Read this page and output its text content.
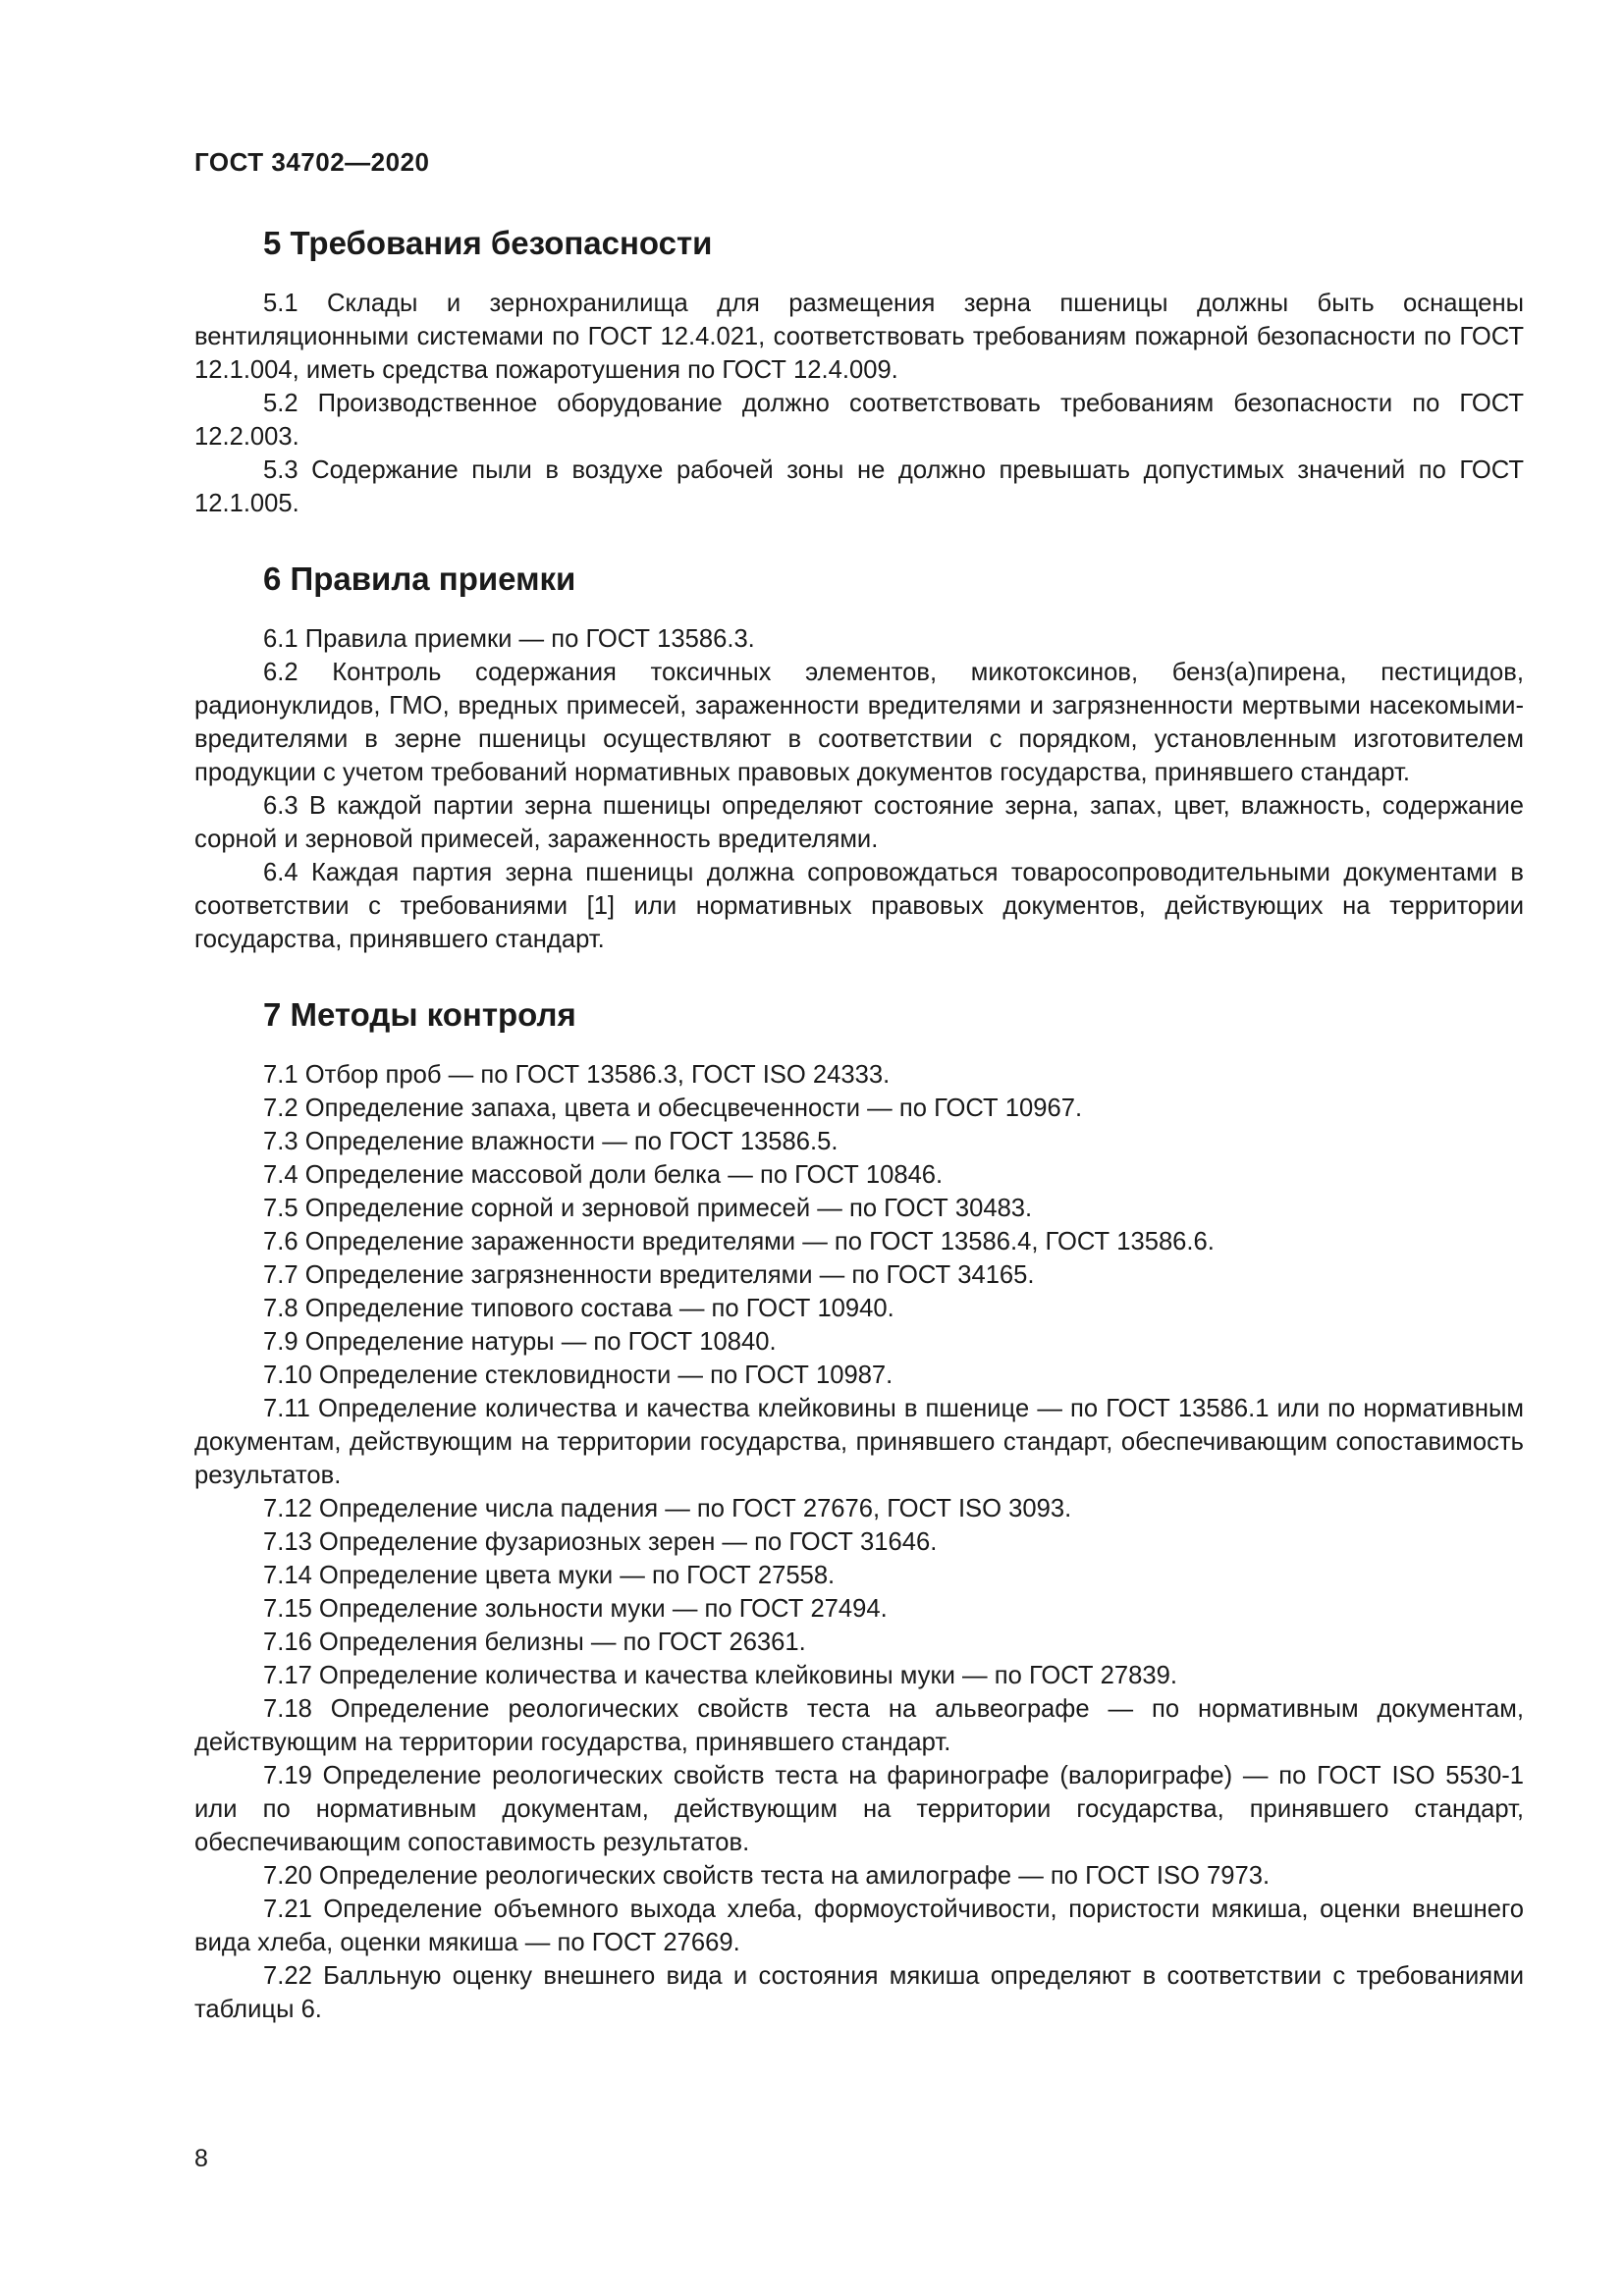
ГОСТ 34702—2020
5 Требования безопасности

5.1 Склады и зернохранилища для размещения зерна пшеницы должны быть оснащены вентиляционными системами по ГОСТ 12.4.021, соответствовать требованиям пожарной безопасности по ГОСТ 12.1.004, иметь средства пожаротушения по ГОСТ 12.4.009.

5.2 Производственное оборудование должно соответствовать требованиям безопасности по ГОСТ 12.2.003.

5.3 Содержание пыли в воздухе рабочей зоны не должно превышать допустимых значений по ГОСТ 12.1.005.

6 Правила приемки

6.1 Правила приемки — по ГОСТ 13586.3.

6.2 Контроль содержания токсичных элементов, микотоксинов, бенз(а)пирена, пестицидов, радионуклидов, ГМО, вредных примесей, зараженности вредителями и загрязненности мертвыми насекомыми-вредителями в зерне пшеницы осуществляют в соответствии с порядком, установленным изготовителем продукции с учетом требований нормативных правовых документов государства, принявшего стандарт.

6.3 В каждой партии зерна пшеницы определяют состояние зерна, запах, цвет, влажность, содержание сорной и зерновой примесей, зараженность вредителями.

6.4 Каждая партия зерна пшеницы должна сопровождаться товаросопроводительными документами в соответствии с требованиями [1] или нормативных правовых документов, действующих на территории государства, принявшего стандарт.

7 Методы контроля

7.1 Отбор проб — по ГОСТ 13586.3, ГОСТ ISO 24333.

7.2 Определение запаха, цвета и обесцвеченности — по ГОСТ 10967.

7.3 Определение влажности — по ГОСТ 13586.5.

7.4 Определение массовой доли белка — по ГОСТ 10846.

7.5 Определение сорной и зерновой примесей — по ГОСТ 30483.

7.6 Определение зараженности вредителями — по ГОСТ 13586.4, ГОСТ 13586.6.

7.7 Определение загрязненности вредителями — по ГОСТ 34165.

7.8 Определение типового состава — по ГОСТ 10940.

7.9 Определение натуры — по ГОСТ 10840.

7.10 Определение стекловидности — по ГОСТ 10987.

7.11 Определение количества и качества клейковины в пшенице — по ГОСТ 13586.1 или по нормативным документам, действующим на территории государства, принявшего стандарт, обеспечивающим сопоставимость результатов.

7.12 Определение числа падения — по ГОСТ 27676, ГОСТ ISO 3093.

7.13 Определение фузариозных зерен — по ГОСТ 31646.

7.14 Определение цвета муки — по ГОСТ 27558.

7.15 Определение зольности муки — по ГОСТ 27494.

7.16 Определения белизны — по ГОСТ 26361.

7.17 Определение количества и качества клейковины муки — по ГОСТ 27839.

7.18 Определение реологических свойств теста на альвеографе — по нормативным документам, действующим на территории государства, принявшего стандарт.

7.19 Определение реологических свойств теста на фаринографе (валориграфе) — по ГОСТ ISO 5530-1 или по нормативным документам, действующим на территории государства, принявшего стандарт, обеспечивающим сопоставимость результатов.

7.20 Определение реологических свойств теста на амилографе — по ГОСТ ISO 7973.

7.21 Определение объемного выхода хлеба, формоустойчивости, пористости мякиша, оценки внешнего вида хлеба, оценки мякиша — по ГОСТ 27669.

7.22 Балльную оценку внешнего вида и состояния мякиша определяют в соответствии с требованиями таблицы 6.

8
